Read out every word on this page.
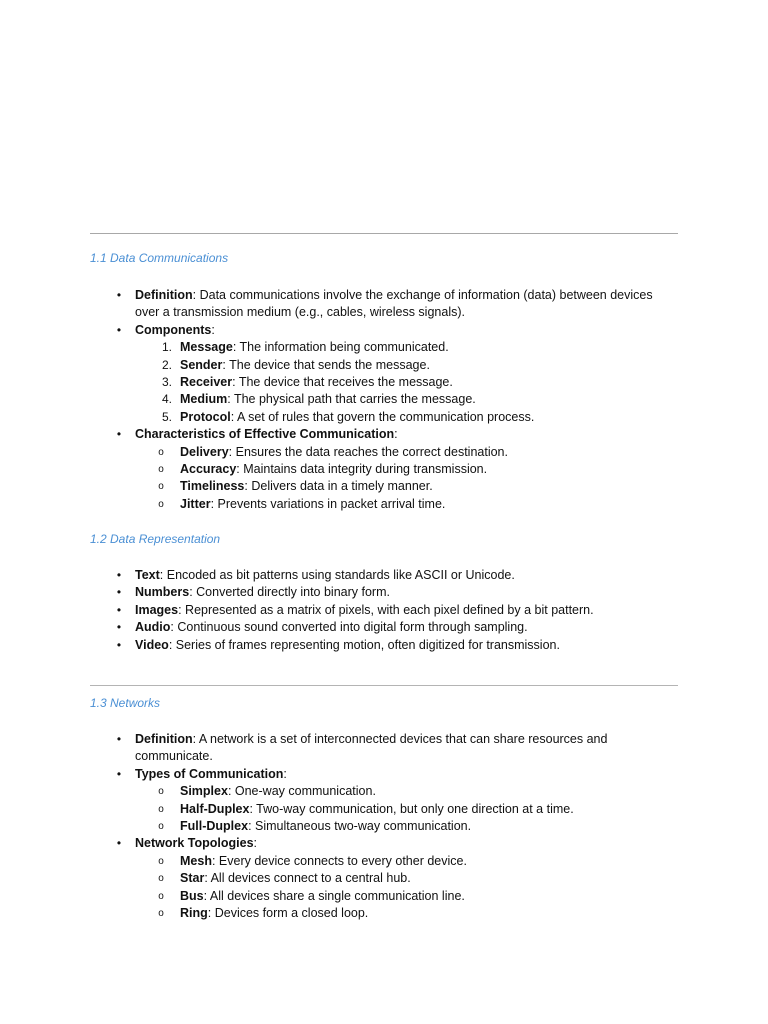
1.1 Data Communications
•	Definition: Data communications involve the exchange of information (data) between devices over a transmission medium (e.g., cables, wireless signals).
•	Components:
1. Message: The information being communicated.
2. Sender: The device that sends the message.
3. Receiver: The device that receives the message.
4. Medium: The physical path that carries the message.
5. Protocol: A set of rules that govern the communication process.
•	Characteristics of Effective Communication:
o	Delivery: Ensures the data reaches the correct destination.
o	Accuracy: Maintains data integrity during transmission.
o	Timeliness: Delivers data in a timely manner.
o	Jitter: Prevents variations in packet arrival time.
1.2 Data Representation
•	Text: Encoded as bit patterns using standards like ASCII or Unicode.
•	Numbers: Converted directly into binary form.
•	Images: Represented as a matrix of pixels, with each pixel defined by a bit pattern.
•	Audio: Continuous sound converted into digital form through sampling.
•	Video: Series of frames representing motion, often digitized for transmission.
1.3 Networks
•	Definition: A network is a set of interconnected devices that can share resources and communicate.
•	Types of Communication:
o	Simplex: One-way communication.
o	Half-Duplex: Two-way communication, but only one direction at a time.
o	Full-Duplex: Simultaneous two-way communication.
•	Network Topologies:
o	Mesh: Every device connects to every other device.
o	Star: All devices connect to a central hub.
o	Bus: All devices share a single communication line.
o	Ring: Devices form a closed loop.
